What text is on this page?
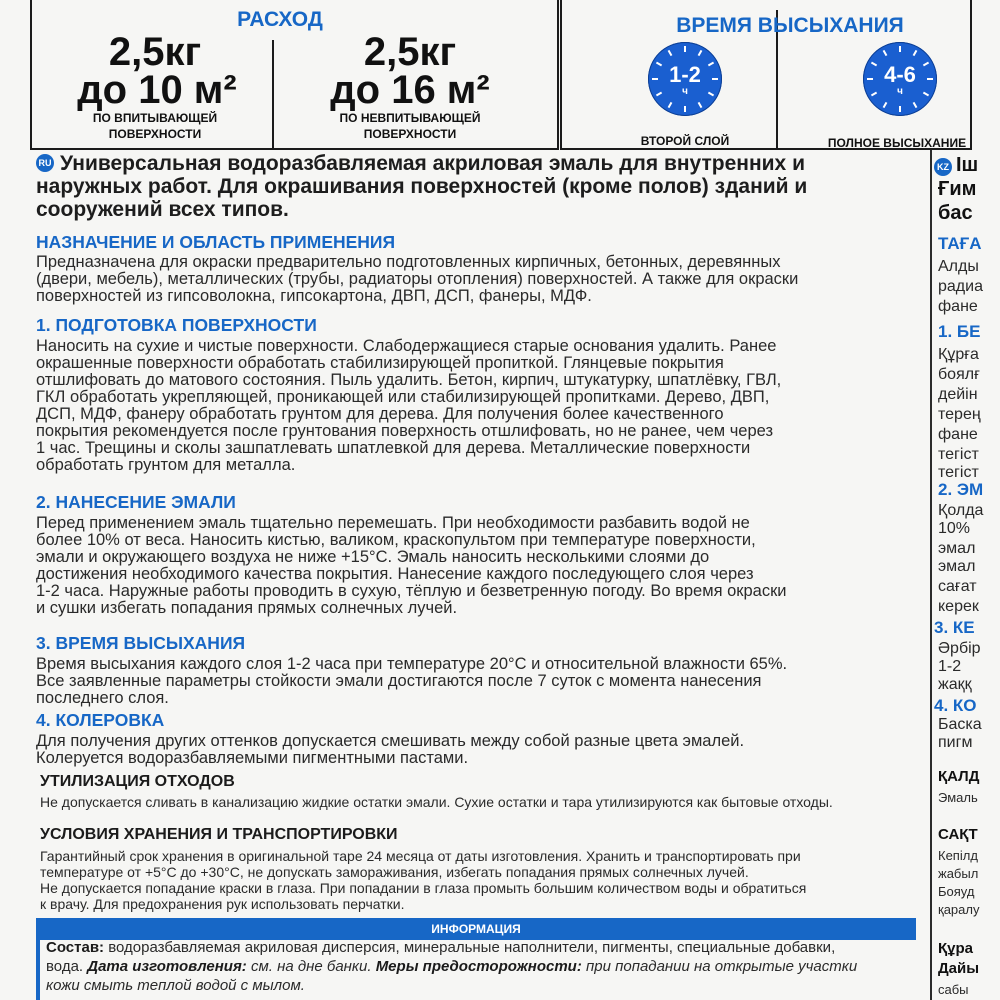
РАСХОД	ВРЕМЯ ВЫСЫХАНИЯ
2,5кг
до 10 м²
ПО ВПИТЫВАЮЩЕЙ
ПОВЕРХНОСТИ
2,5кг
до 16 м²
ПО НЕВПИТЫВАЮЩЕЙ
ПОВЕРХНОСТИ
1-2
ч
ВТОРОЙ СЛОЙ
4-6
ч
ПОЛНОЕ ВЫСЫХАНИЕ
RU Универсальная водоразбавляемая акриловая эмаль для внутренних и
наружных работ. Для окрашивания поверхностей (кроме полов) зданий и
сооружений всех типов.
НАЗНАЧЕНИЕ И ОБЛАСТЬ ПРИМЕНЕНИЯ
Предназначена для окраски предварительно подготовленных кирпичных, бетонных, деревянных
(двери, мебель), металлических (трубы, радиаторы отопления) поверхностей. А также для окраски
поверхностей из гипсоволокна, гипсокартона, ДВП, ДСП, фанеры, МДФ.
1. ПОДГОТОВКА ПОВЕРХНОСТИ
Наносить на сухие и чистые поверхности. Слабодержащиеся старые основания удалить. Ранее
окрашенные поверхности обработать стабилизирующей пропиткой. Глянцевые покрытия
отшлифовать до матового состояния. Пыль удалить. Бетон, кирпич, штукатурку, шпатлёвку, ГВЛ,
ГКЛ обработать укрепляющей, проникающей или стабилизирующей пропитками. Дерево, ДВП,
ДСП, МДФ, фанеру обработать грунтом для дерева. Для получения более качественного
покрытия рекомендуется после грунтования поверхность отшлифовать, но не ранее, чем через
1 час. Трещины и сколы зашпатлевать шпатлевкой для дерева. Металлические поверхности
обработать грунтом для металла.
2. НАНЕСЕНИЕ ЭМАЛИ
Перед применением эмаль тщательно перемешать. При необходимости разбавить водой не
более 10% от веса. Наносить кистью, валиком, краскопультом при температуре поверхности,
эмали и окружающего воздуха не ниже +15°С. Эмаль наносить несколькими слоями до
достижения необходимого качества покрытия. Нанесение каждого последующего слоя через
1-2 часа. Наружные работы проводить в сухую, тёплую и безветренную погоду. Во время окраски
и сушки избегать попадания прямых солнечных лучей.
3. ВРЕМЯ ВЫСЫХАНИЯ
Время высыхания каждого слоя 1-2 часа при температуре 20°С и относительной влажности 65%.
Все заявленные параметры стойкости эмали достигаются после 7 суток с момента нанесения
последнего слоя.
4. КОЛЕРОВКА
Для получения других оттенков допускается смешивать между собой разные цвета эмалей.
Колеруется водоразбавляемыми пигментными пастами.
УТИЛИЗАЦИЯ ОТХОДОВ
Не допускается сливать в канализацию жидкие остатки эмали. Сухие остатки и тара утилизируются как бытовые отходы.
УСЛОВИЯ ХРАНЕНИЯ И ТРАНСПОРТИРОВКИ
Гарантийный срок хранения в оригинальной таре 24 месяца от даты изготовления. Хранить и транспортировать при
температуре от +5°С до +30°С, не допускать замораживания, избегать попадания прямых солнечных лучей.
Не допускается попадание краски в глаза. При попадании в глаза промыть большим количеством воды и обратиться
к врачу. Для предохранения рук использовать перчатки.
ИНФОРМАЦИЯ
Состав: водоразбавляемая акриловая дисперсия, минеральные наполнители, пигменты, специальные добавки,
вода. Дата изготовления: см. на дне банки. Меры предосторожности: при попадании на открытые участки
кожи смыть теплой водой с мылом.
KZ Іш
Ғим
бас
ТАҒА
Алды
радиа
фане
1. БЕ
Құрға
боялғ
дейін
терең
фане
тегіст
тегіст
2. ЭМ
Қолда
10%
эмал
эмал
сағат
керек
3. КЕ
Әрбір
1-2
жаққ
4. КО
Баска
пигм
ҚАЛД
Эмаль
САҚТ
Кепілд
жабыл
Бояуд
қаралу
Құра
Дайы
сабы
